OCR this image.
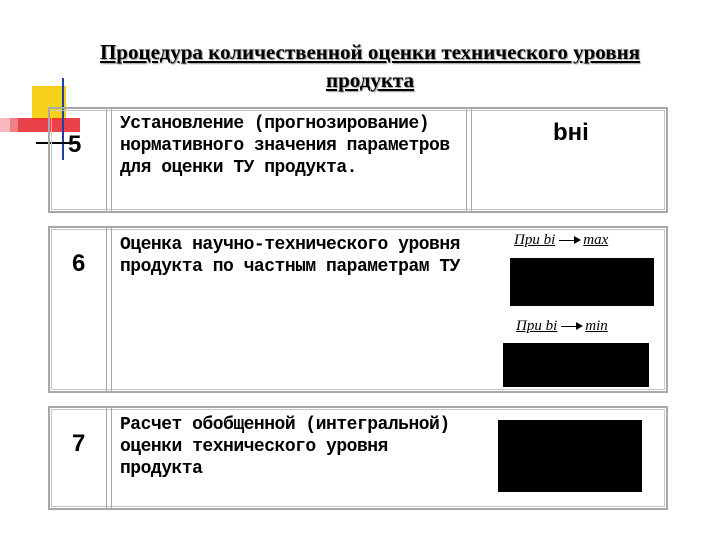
Процедура количественной оценки технического уровня
продукта
5
Установление (прогнозирование) нормативного значения параметров для оценки ТУ продукта.
bнi
6
Оценка научно-технического уровня продукта по частным параметрам ТУ
При bi max
При bi min
7
Расчет обобщенной (интегральной) оценки технического уровня продукта
